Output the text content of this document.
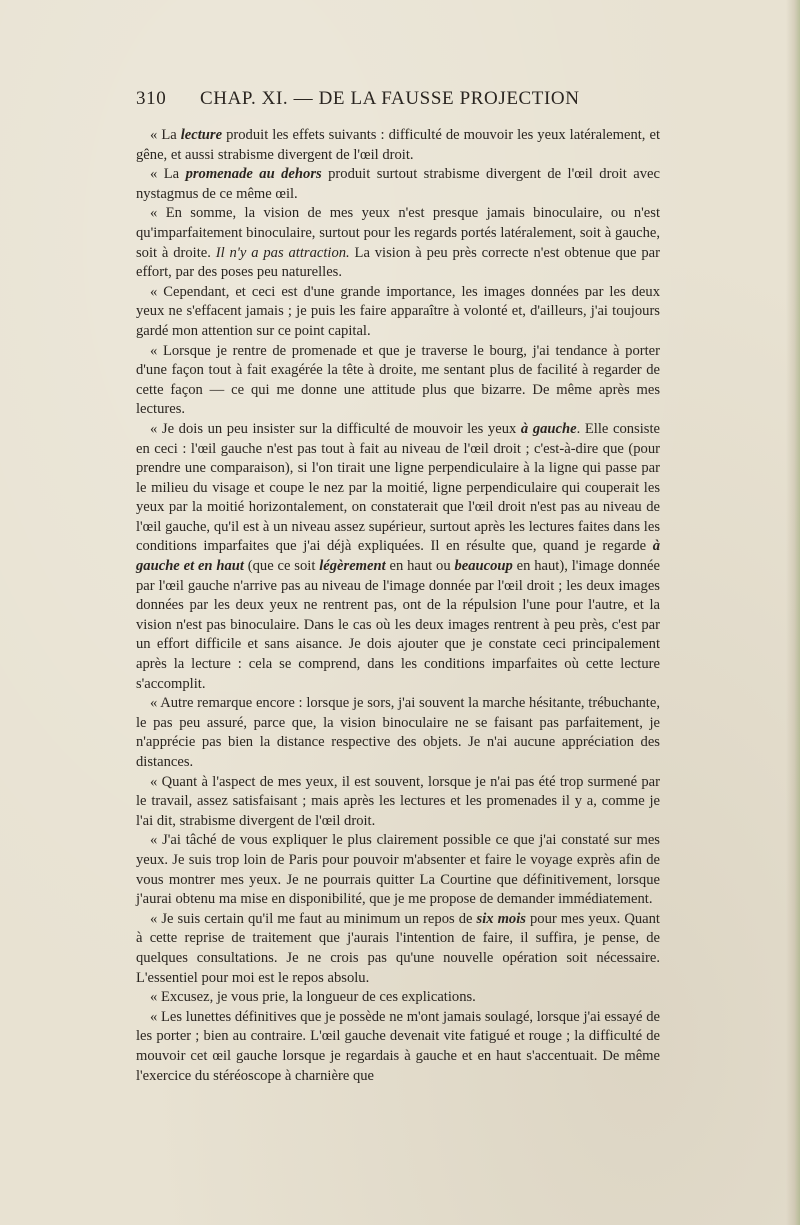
310 CHAP. XI. — DE LA FAUSSE PROJECTION

« La lecture produit les effets suivants : difficulté de mouvoir les yeux latéralement, et gêne, et aussi strabisme divergent de l'œil droit.

« La promenade au dehors produit surtout strabisme divergent de l'œil droit avec nystagmus de ce même œil.

« En somme, la vision de mes yeux n'est presque jamais binoculaire, ou n'est qu'imparfaitement binoculaire, surtout pour les regards portés latéralement, soit à gauche, soit à droite. Il n'y a pas attraction. La vision à peu près correcte n'est obtenue que par effort, par des poses peu naturelles.

« Cependant, et ceci est d'une grande importance, les images données par les deux yeux ne s'effacent jamais ; je puis les faire apparaître à volonté et, d'ailleurs, j'ai toujours gardé mon attention sur ce point capital.

« Lorsque je rentre de promenade et que je traverse le bourg, j'ai tendance à porter d'une façon tout à fait exagérée la tête à droite, me sentant plus de facilité à regarder de cette façon — ce qui me donne une attitude plus que bizarre. De même après mes lectures.

« Je dois un peu insister sur la difficulté de mouvoir les yeux à gauche. Elle consiste en ceci : l'œil gauche n'est pas tout à fait au niveau de l'œil droit ; c'est-à-dire que (pour prendre une comparaison), si l'on tirait une ligne perpendiculaire à la ligne qui passe par le milieu du visage et coupe le nez par la moitié, ligne perpendiculaire qui couperait les yeux par la moitié horizontalement, on constaterait que l'œil droit n'est pas au niveau de l'œil gauche, qu'il est à un niveau assez supérieur, surtout après les lectures faites dans les conditions imparfaites que j'ai déjà expliquées. Il en résulte que, quand je regarde à gauche et en haut (que ce soit légèrement en haut ou beaucoup en haut), l'image donnée par l'œil gauche n'arrive pas au niveau de l'image donnée par l'œil droit ; les deux images données par les deux yeux ne rentrent pas, ont de la répulsion l'une pour l'autre, et la vision n'est pas binoculaire. Dans le cas où les deux images rentrent à peu près, c'est par un effort difficile et sans aisance. Je dois ajouter que je constate ceci principalement après la lecture : cela se comprend, dans les conditions imparfaites où cette lecture s'accomplit.

« Autre remarque encore : lorsque je sors, j'ai souvent la marche hésitante, trébuchante, le pas peu assuré, parce que, la vision binoculaire ne se faisant pas parfaitement, je n'apprécie pas bien la distance respective des objets. Je n'ai aucune appréciation des distances.

« Quant à l'aspect de mes yeux, il est souvent, lorsque je n'ai pas été trop surmené par le travail, assez satisfaisant ; mais après les lectures et les promenades il y a, comme je l'ai dit, strabisme divergent de l'œil droit.

« J'ai tâché de vous expliquer le plus clairement possible ce que j'ai constaté sur mes yeux. Je suis trop loin de Paris pour pouvoir m'absenter et faire le voyage exprès afin de vous montrer mes yeux. Je ne pourrais quitter La Courtine que définitivement, lorsque j'aurai obtenu ma mise en disponibilité, que je me propose de demander immédiatement.

« Je suis certain qu'il me faut au minimum un repos de six mois pour mes yeux. Quant à cette reprise de traitement que j'aurais l'intention de faire, il suffira, je pense, de quelques consultations. Je ne crois pas qu'une nouvelle opération soit nécessaire. L'essentiel pour moi est le repos absolu.

« Excusez, je vous prie, la longueur de ces explications.

« Les lunettes définitives que je possède ne m'ont jamais soulagé, lorsque j'ai essayé de les porter ; bien au contraire. L'œil gauche devenait vite fatigué et rouge ; la difficulté de mouvoir cet œil gauche lorsque je regardais à gauche et en haut s'accentuait. De même l'exercice du stéréoscope à charnière que
